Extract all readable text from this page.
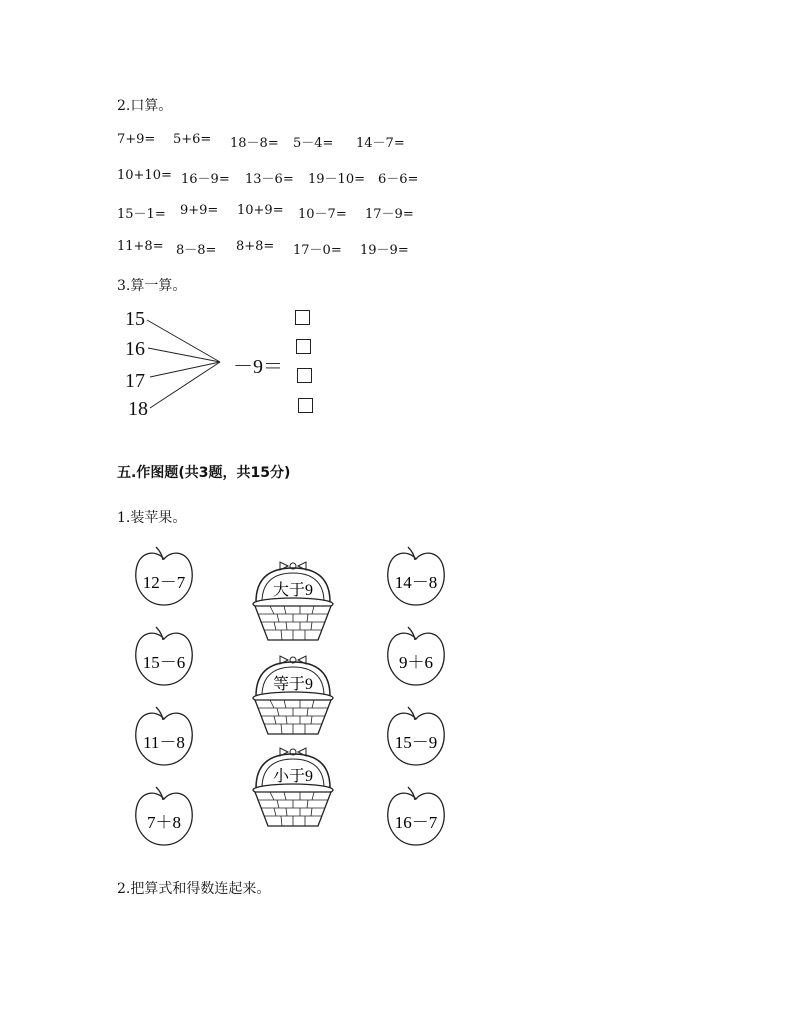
2.口算。
7+9= 5+6= 18－8= 5－4= 14－7=
10+10= 16－9= 13－6= 19－10= 6－6=
15－1= 9+9= 10+9= 10－7= 17－9=
11+8= 8－8= 8+8= 17－0= 19－9=
3.算一算。
15
16
17
18
－9＝
五.作图题(共3题，共15分)
1.装苹果。
12－7
15－6
11－8
7＋8
大于9
等于9
小于9
14－8
9＋6
15－9
16－7
2.把算式和得数连起来。
